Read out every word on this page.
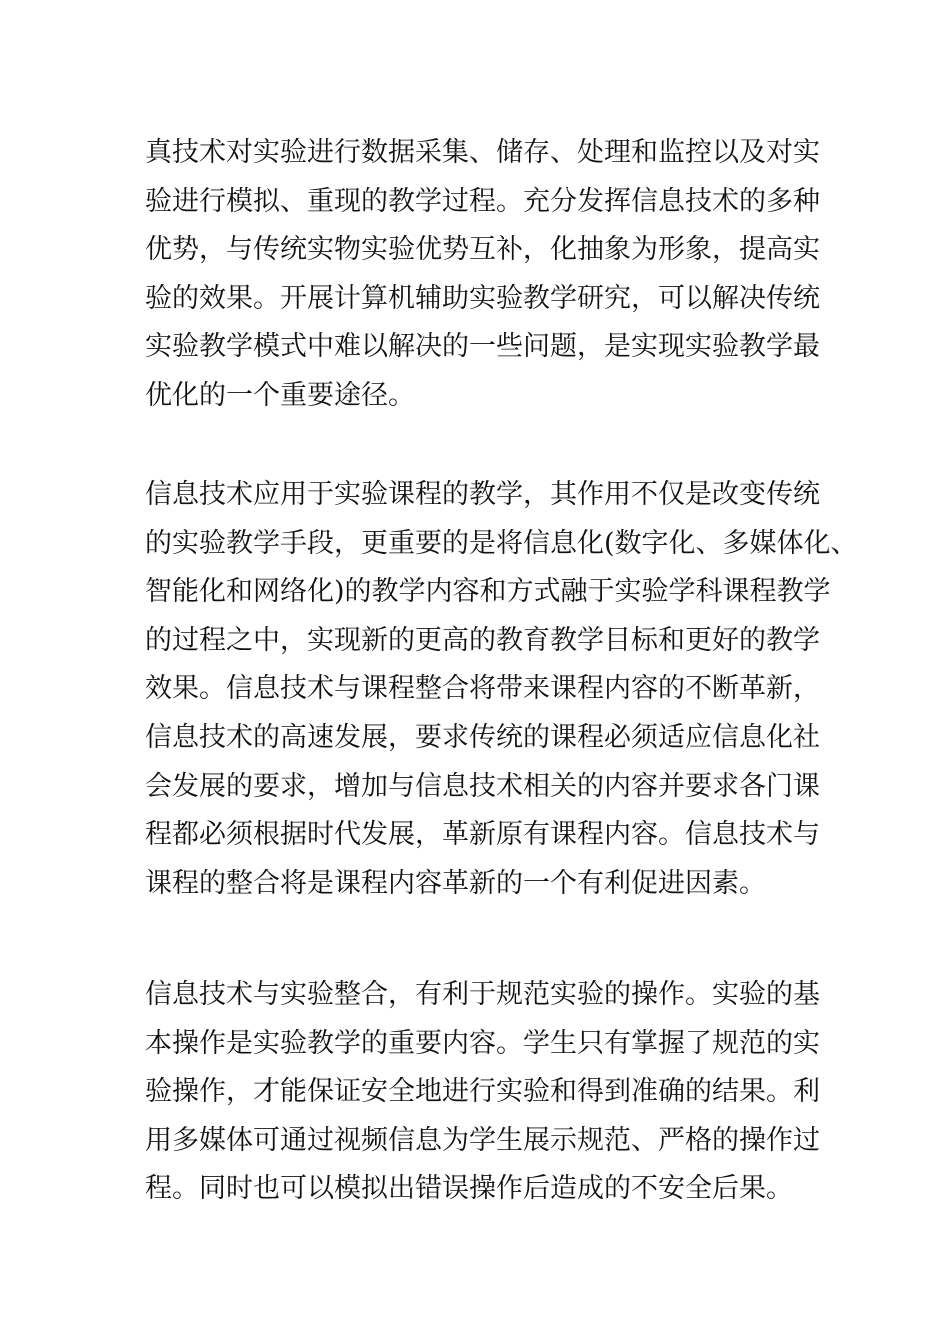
真技术对实验进行数据采集、储存、处理和监控以及对实
验进行模拟、重现的教学过程。充分发挥信息技术的多种
优势，与传统实物实验优势互补，化抽象为形象，提高实
验的效果。开展计算机辅助实验教学研究，可以解决传统
实验教学模式中难以解决的一些问题，是实现实验教学最
优化的一个重要途径。
信息技术应用于实验课程的教学，其作用不仅是改变传统
的实验教学手段，更重要的是将信息化(数字化、多媒体化、
智能化和网络化)的教学内容和方式融于实验学科课程教学
的过程之中，实现新的更高的教育教学目标和更好的教学
效果。信息技术与课程整合将带来课程内容的不断革新，
信息技术的高速发展，要求传统的课程必须适应信息化社
会发展的要求，增加与信息技术相关的内容并要求各门课
程都必须根据时代发展，革新原有课程内容。信息技术与
课程的整合将是课程内容革新的一个有利促进因素。
信息技术与实验整合，有利于规范实验的操作。实验的基
本操作是实验教学的重要内容。学生只有掌握了规范的实
验操作，才能保证安全地进行实验和得到准确的结果。利
用多媒体可通过视频信息为学生展示规范、严格的操作过
程。同时也可以模拟出错误操作后造成的不安全后果。
